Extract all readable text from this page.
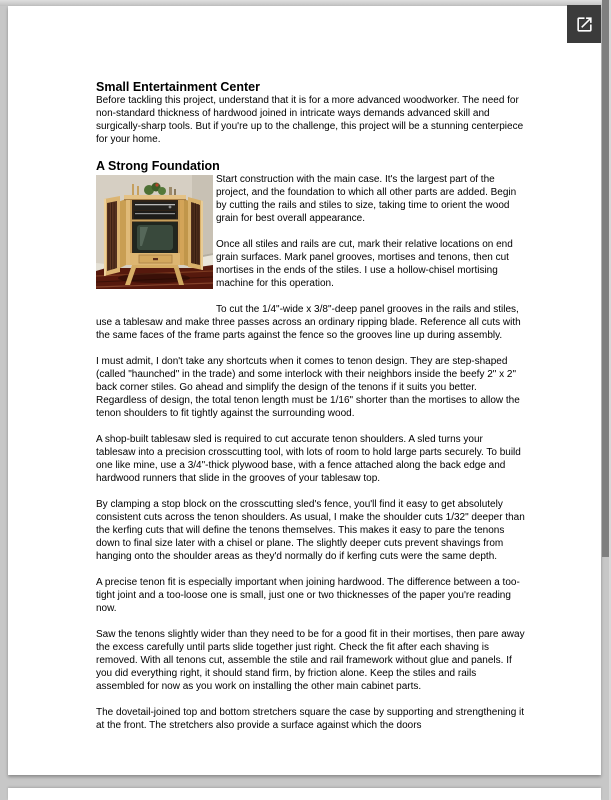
Small Entertainment Center

Before tackling this project, understand that it is for a more advanced woodworker. The need for non-standard thickness of hardwood joined in intricate ways demands advanced skill and surgically-sharp tools. But if you're up to the challenge, this project will be a stunning centerpiece for your home.

A Strong Foundation

Start construction with the main case. It's the largest part of the project, and the foundation to which all other parts are added. Begin by cutting the rails and stiles to size, taking time to orient the wood grain for best overall appearance.

Once all stiles and rails are cut, mark their relative locations on end grain surfaces. Mark panel grooves, mortises and tenons, then cut mortises in the ends of the stiles. I use a hollow-chisel mortising machine for this operation.

To cut the 1/4"-wide x 3/8"-deep panel grooves in the rails and stiles, use a tablesaw and make three passes across an ordinary ripping blade. Reference all cuts with the same faces of the frame parts against the fence so the grooves line up during assembly.

I must admit, I don't take any shortcuts when it comes to tenon design. They are step-shaped (called "haunched" in the trade) and some interlock with their neighbors inside the beefy 2" x 2" back corner stiles. Go ahead and simplify the design of the tenons if it suits you better. Regardless of design, the total tenon length must be 1/16" shorter than the mortises to allow the tenon shoulders to fit tightly against the surrounding wood.

A shop-built tablesaw sled is required to cut accurate tenon shoulders. A sled turns your tablesaw into a precision crosscutting tool, with lots of room to hold large parts securely. To build one like mine, use a 3/4"-thick plywood base, with a fence attached along the back edge and hardwood runners that slide in the grooves of your tablesaw top.

By clamping a stop block on the crosscutting sled's fence, you'll find it easy to get absolutely consistent cuts across the tenon shoulders. As usual, I make the shoulder cuts 1/32" deeper than the kerfing cuts that will define the tenons themselves. This makes it easy to pare the tenons down to final size later with a chisel or plane. The slightly deeper cuts prevent shavings from hanging onto the shoulder areas as they'd normally do if kerfing cuts were the same depth.

A precise tenon fit is especially important when joining hardwood. The difference between a too-tight joint and a too-loose one is small, just one or two thicknesses of the paper you're reading now.

Saw the tenons slightly wider than they need to be for a good fit in their mortises, then pare away the excess carefully until parts slide together just right. Check the fit after each shaving is removed. With all tenons cut, assemble the stile and rail framework without glue and panels. If you did everything right, it should stand firm, by friction alone. Keep the stiles and rails assembled for now as you work on installing the other main cabinet parts.

The dovetail-joined top and bottom stretchers square the case by supporting and strengthening it at the front. The stretchers also provide a surface against which the doors
